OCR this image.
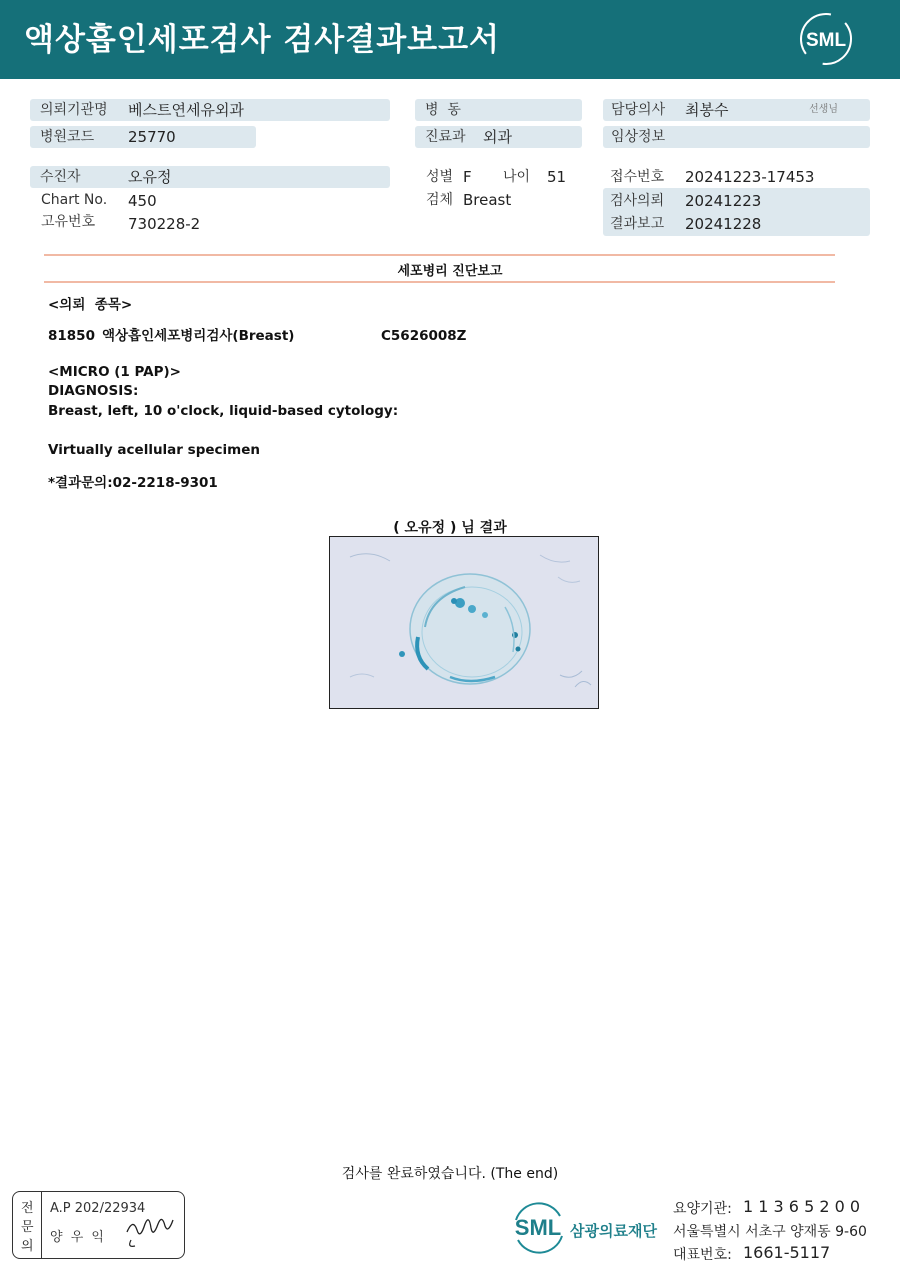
액상흡인세포검사 검사결과보고서	SML
의뢰기관명 베스트연세유외과
병원코드 25770
병  동
진료과 외과
담당의사 최봉수	선생님
임상정보
수진자	오유정
Chart No. 450
고유번호 730228-2
성별 F 나이 51
검체 Breast
접수번호 20241223-17453
검사의뢰 20241223
결과보고 20241228
세포병리 진단보고
<의뢰  종목>
81850 액상흡인세포병리검사(Breast)	C5626008Z
<MICRO (1 PAP)>
DIAGNOSIS:
Breast, left, 10 o'clock, liquid-based cytology:
Virtually acellular specimen
*결과문의:02-2218-9301
( 오유정 ) 님 결과
검사를 완료하였습니다. (The end)
전
문
의
A.P 202/22934
양 우 익	SML 삼광의료재단
요양기관: 1 1 3 6 5 2 0 0
서울특별시 서초구 양재동 9-60
대표번호: 1661-5117
